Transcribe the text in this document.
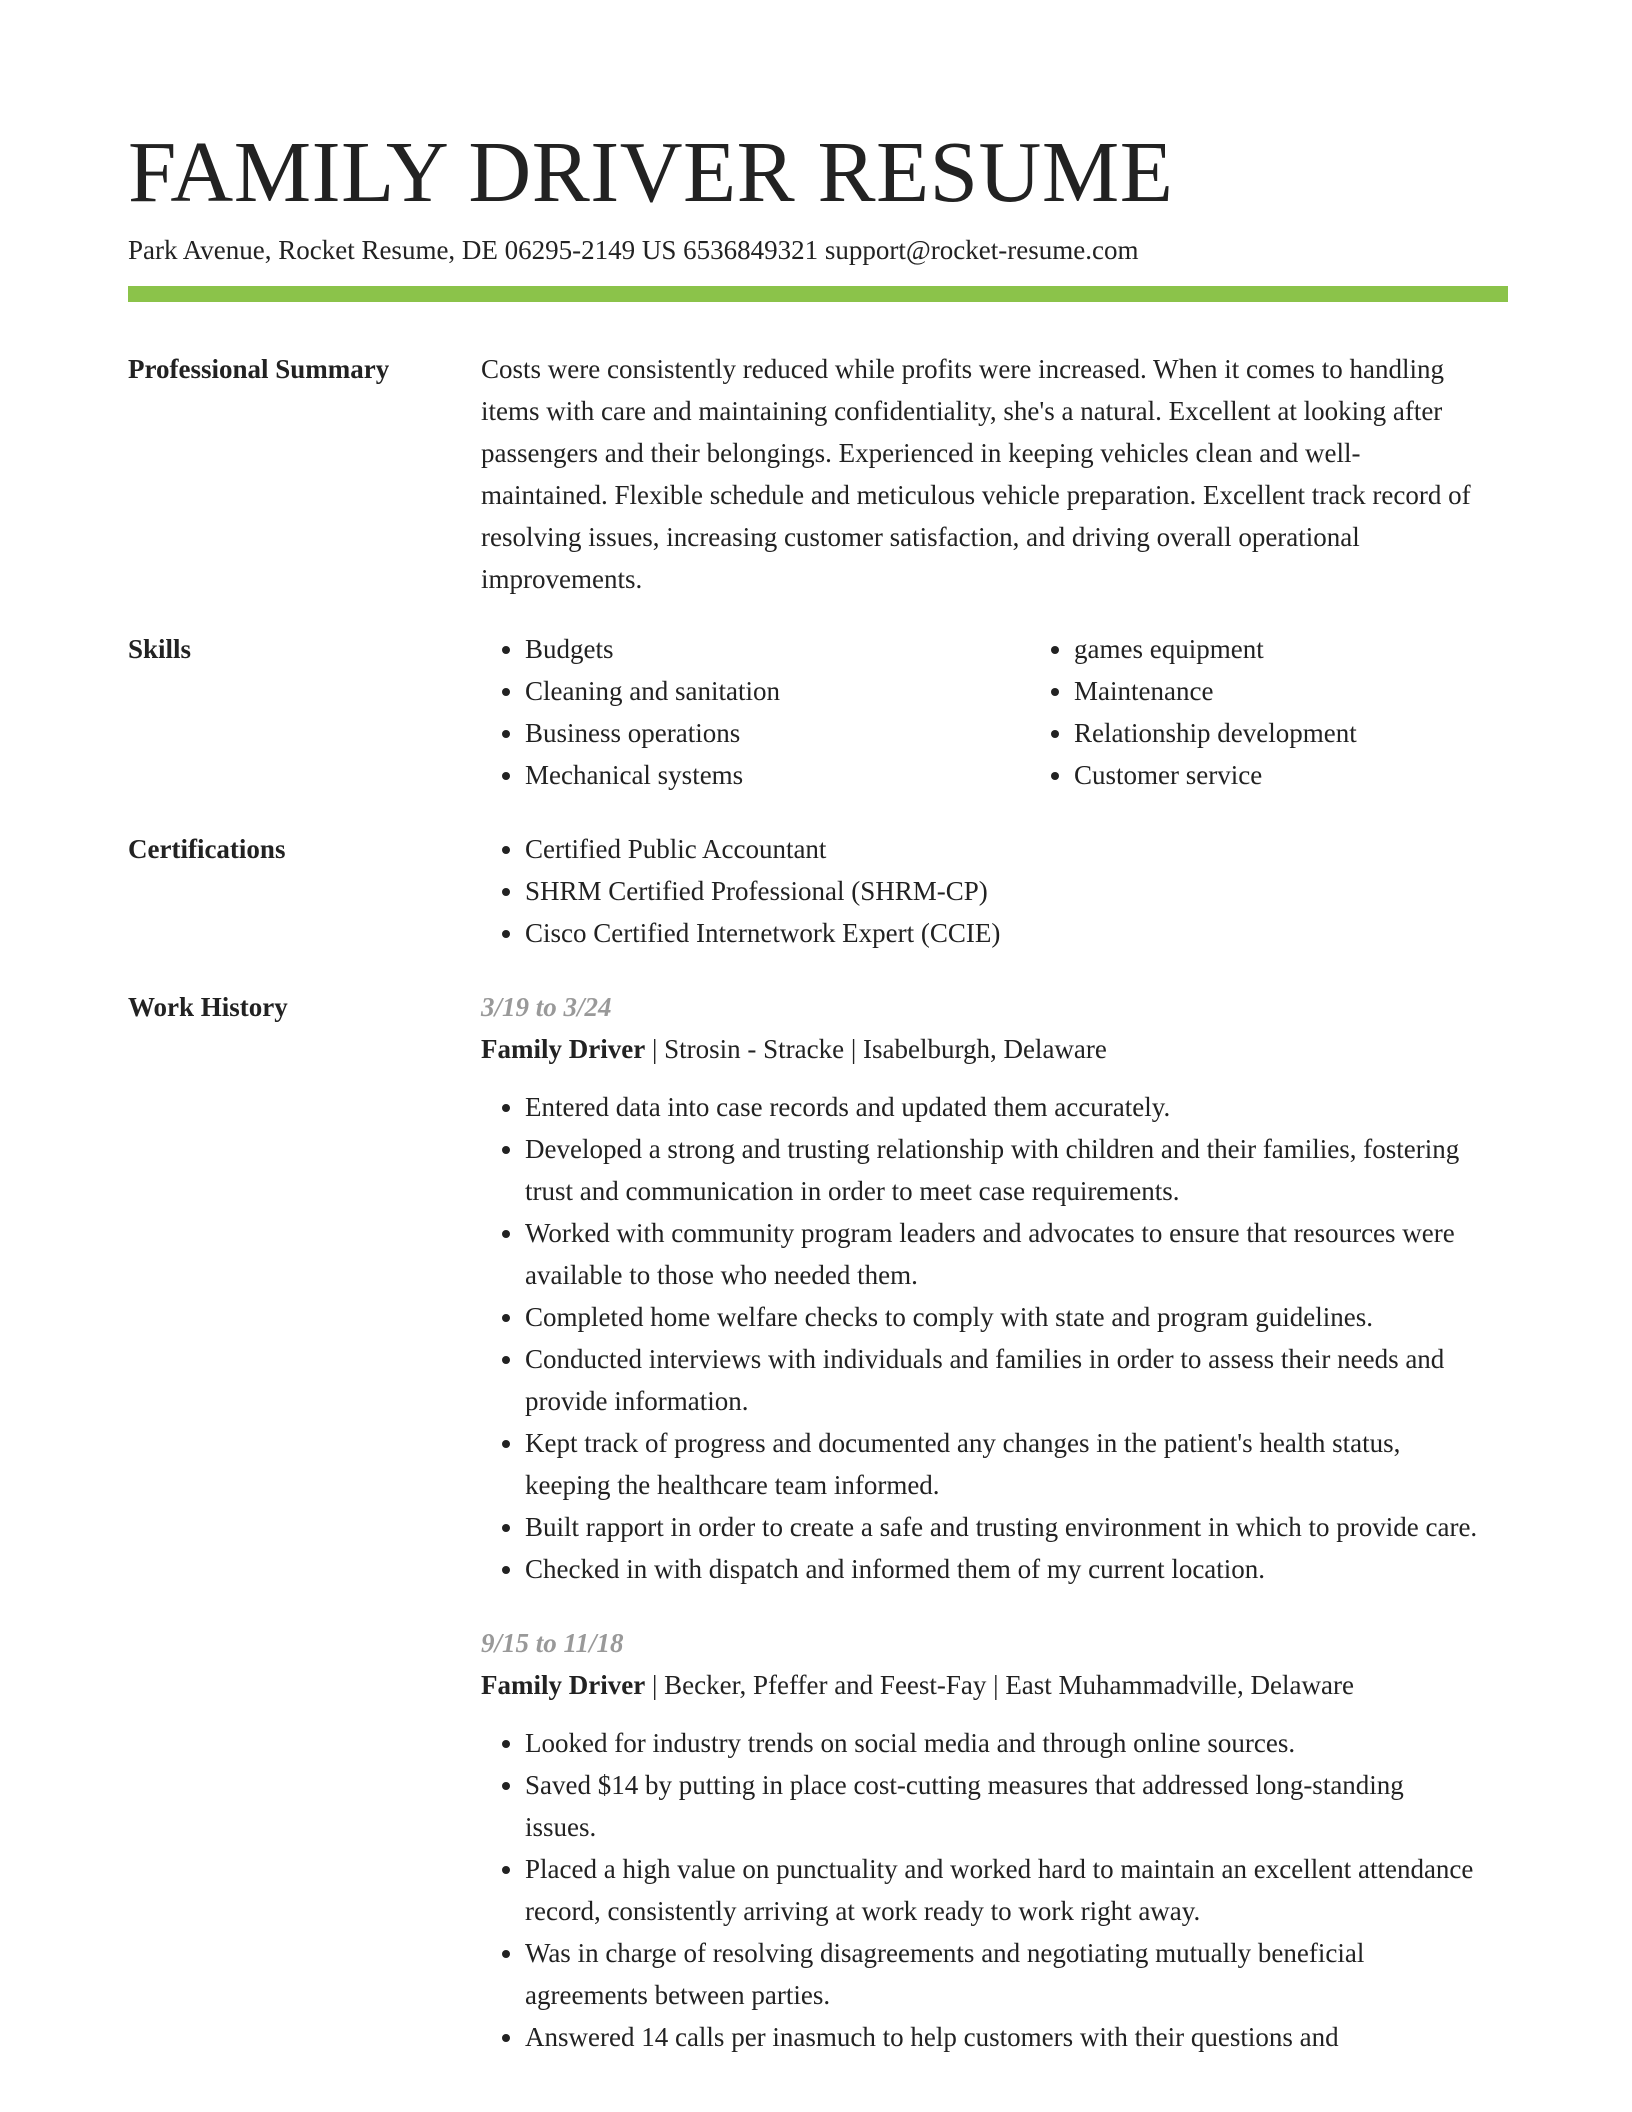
FAMILY DRIVER RESUME
Park Avenue, Rocket Resume, DE 06295-2149 US 6536849321 support@rocket-resume.com
Professional Summary	Costs were consistently reduced while profits were increased. When it comes to handling items with care and maintaining confidentiality, she's a natural. Excellent at looking after passengers and their belongings. Experienced in keeping vehicles clean and well-maintained. Flexible schedule and meticulous vehicle preparation. Excellent track record of resolving issues, increasing customer satisfaction, and driving overall operational improvements.

Skills	• Budgets
• Cleaning and sanitation
• Business operations
• Mechanical systems
• games equipment
• Maintenance
• Relationship development
• Customer service
Certifications	• Certified Public Accountant
• SHRM Certified Professional (SHRM-CP)
• Cisco Certified Internetwork Expert (CCIE)
Work History	3/19 to 3/24
Family Driver | Strosin - Stracke | Isabelburgh, Delaware
• Entered data into case records and updated them accurately.
• Developed a strong and trusting relationship with children and their families, fostering trust and communication in order to meet case requirements.
• Worked with community program leaders and advocates to ensure that resources were available to those who needed them.
• Completed home welfare checks to comply with state and program guidelines.
• Conducted interviews with individuals and families in order to assess their needs and provide information.
• Kept track of progress and documented any changes in the patient's health status, keeping the healthcare team informed.
• Built rapport in order to create a safe and trusting environment in which to provide care.
• Checked in with dispatch and informed them of my current location.
9/15 to 11/18
Family Driver | Becker, Pfeffer and Feest-Fay | East Muhammadville, Delaware
• Looked for industry trends on social media and through online sources.
• Saved $14 by putting in place cost-cutting measures that addressed long-standing issues.
• Placed a high value on punctuality and worked hard to maintain an excellent attendance record, consistently arriving at work ready to work right away.
• Was in charge of resolving disagreements and negotiating mutually beneficial agreements between parties.
• Answered 14 calls per inasmuch to help customers with their questions and
